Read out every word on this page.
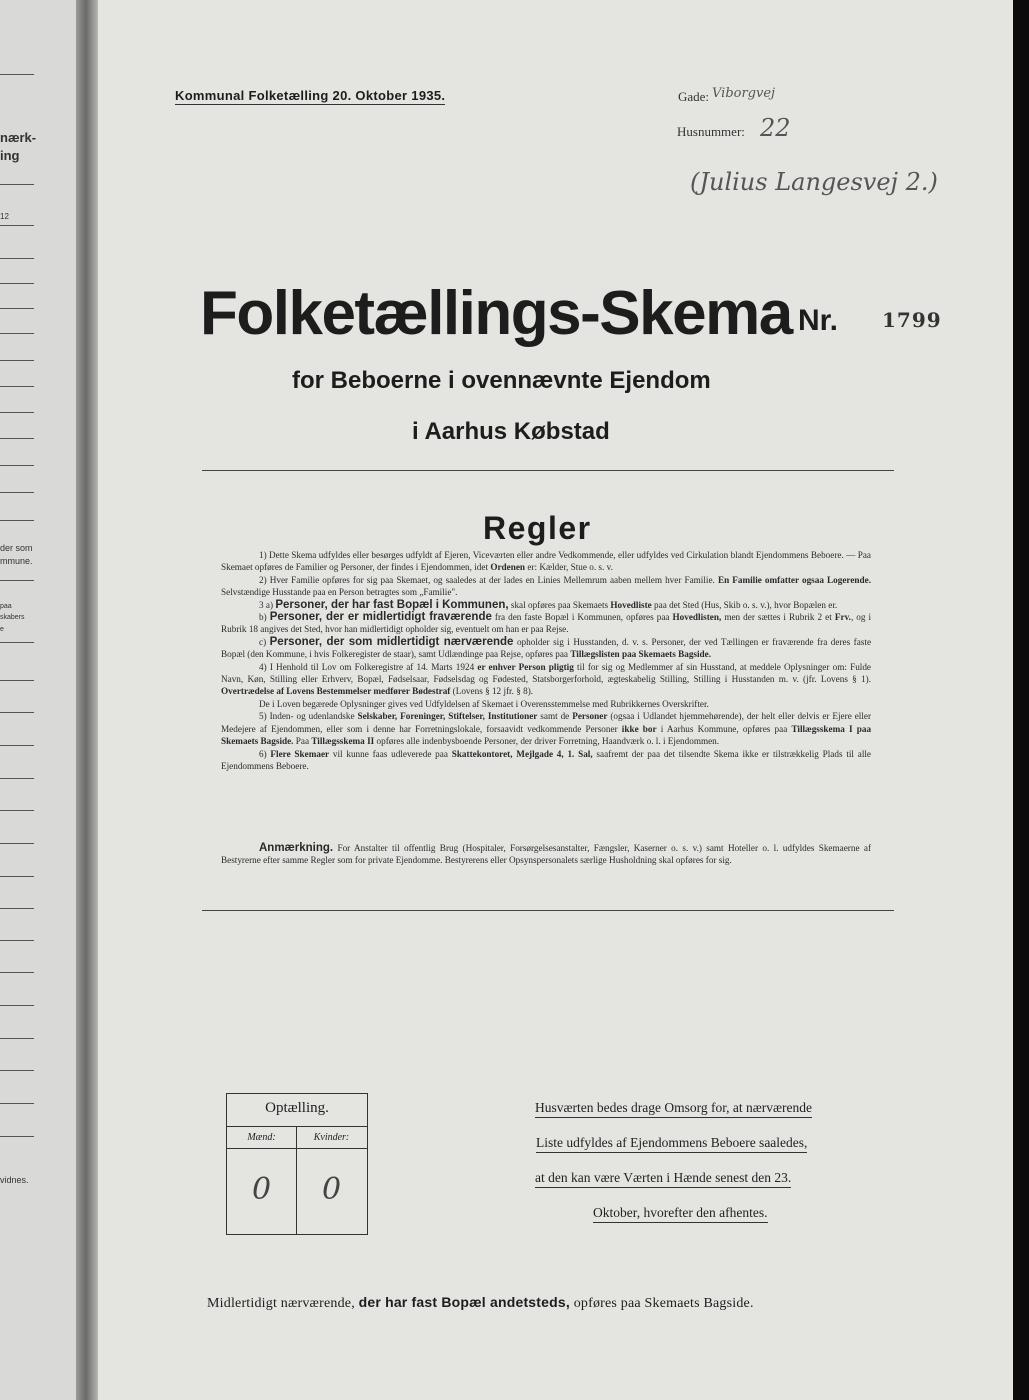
nærk-
ing
12
der som
mmune.
paa
skabers
e
vidnes.
Kommunal Folketælling 20. Oktober 1935.	Gade: Viborgvej
Husnummer: 22
(Julius Langesvej 2.)
Folketællings-Skema Nr. 1799
for Beboerne i ovennævnte Ejendom
i Aarhus Købstad
Regler

1) Dette Skema udfyldes eller besørges udfyldt af Ejeren, Viceværten eller andre Vedkommende, eller udfyldes ved Cirkulation blandt Ejendommens Beboere. — Paa Skemaet opføres de Familier og Personer, der findes i Ejendommen, idet Ordenen er: Kælder, Stue o. s. v.

2) Hver Familie opføres for sig paa Skemaet, og saaledes at der lades en Linies Mellemrum aaben mellem hver Familie. En Familie omfatter ogsaa Logerende. Selvstændige Husstande paa en Person betragtes som „Familie".

3 a) Personer, der har fast Bopæl i Kommunen, skal opføres paa Skemaets Hovedliste paa det Sted (Hus, Skib o. s. v.), hvor Bopælen er.

b) Personer, der er midlertidigt fraværende fra den faste Bopæl i Kommunen, opføres paa Hovedlisten, men der sættes i Rubrik 2 et Frv., og i Rubrik 18 angives det Sted, hvor han midlertidigt opholder sig, eventuelt om han er paa Rejse.

c) Personer, der som midlertidigt nærværende opholder sig i Husstanden, d. v. s. Personer, der ved Tællingen er fraværende fra deres faste Bopæl (den Kommune, i hvis Folkeregister de staar), samt Udlændinge paa Rejse, opføres paa Tillægslisten paa Skemaets Bagside.

4) I Henhold til Lov om Folkeregistre af 14. Marts 1924 er enhver Person pligtig til for sig og Medlemmer af sin Husstand, at meddele Oplysninger om: Fulde Navn, Køn, Stilling eller Erhverv, Bopæl, Fødselsaar, Fødselsdag og Fødested, Statsborgerforhold, ægteskabelig Stilling, Stilling i Husstanden m. v. (jfr. Lovens § 1). Overtrædelse af Lovens Bestemmelser medfører Bødestraf (Lovens § 12 jfr. § 8).

De i Loven begærede Oplysninger gives ved Udfyldelsen af Skemaet i Overensstemmelse med Rubrikkernes Overskrifter.

5) Inden- og udenlandske Selskaber, Foreninger, Stiftelser, Institutioner samt de Personer (ogsaa i Udlandet hjemmehørende), der helt eller delvis er Ejere eller Medejere af Ejendommen, eller som i denne har Forretningslokale, forsaavidt vedkommende Personer ikke bor i Aarhus Kommune, opføres paa Tillægsskema I paa Skemaets Bagside. Paa Tillægsskema II opføres alle indenbysboende Personer, der driver Forretning, Haandværk o. l. i Ejendommen.

6) Flere Skemaer vil kunne faas udleverede paa Skattekontoret, Mejlgade 4, 1. Sal, saafremt der paa det tilsendte Skema ikke er tilstrækkelig Plads til alle Ejendommens Beboere.

Anmærkning. For Anstalter til offentlig Brug (Hospitaler, Forsørgelsesanstalter, Fængsler, Kaserner o. s. v.) samt Hoteller o. l. udfyldes Skemaerne af Bestyrerne efter samme Regler som for private Ejendomme. Bestyrerens eller Opsynspersonalets særlige Husholdning skal opføres for sig.

Optælling.
Mænd:	Kvinder:
0	0
Husværten bedes drage Omsorg for, at nærværende
Liste udfyldes af Ejendommens Beboere saaledes,
at den kan være Værten i Hænde senest den 23.
Oktober, hvorefter den afhentes.
Midlertidigt nærværende, der har fast Bopæl andetsteds, opføres paa Skemaets Bagside.
